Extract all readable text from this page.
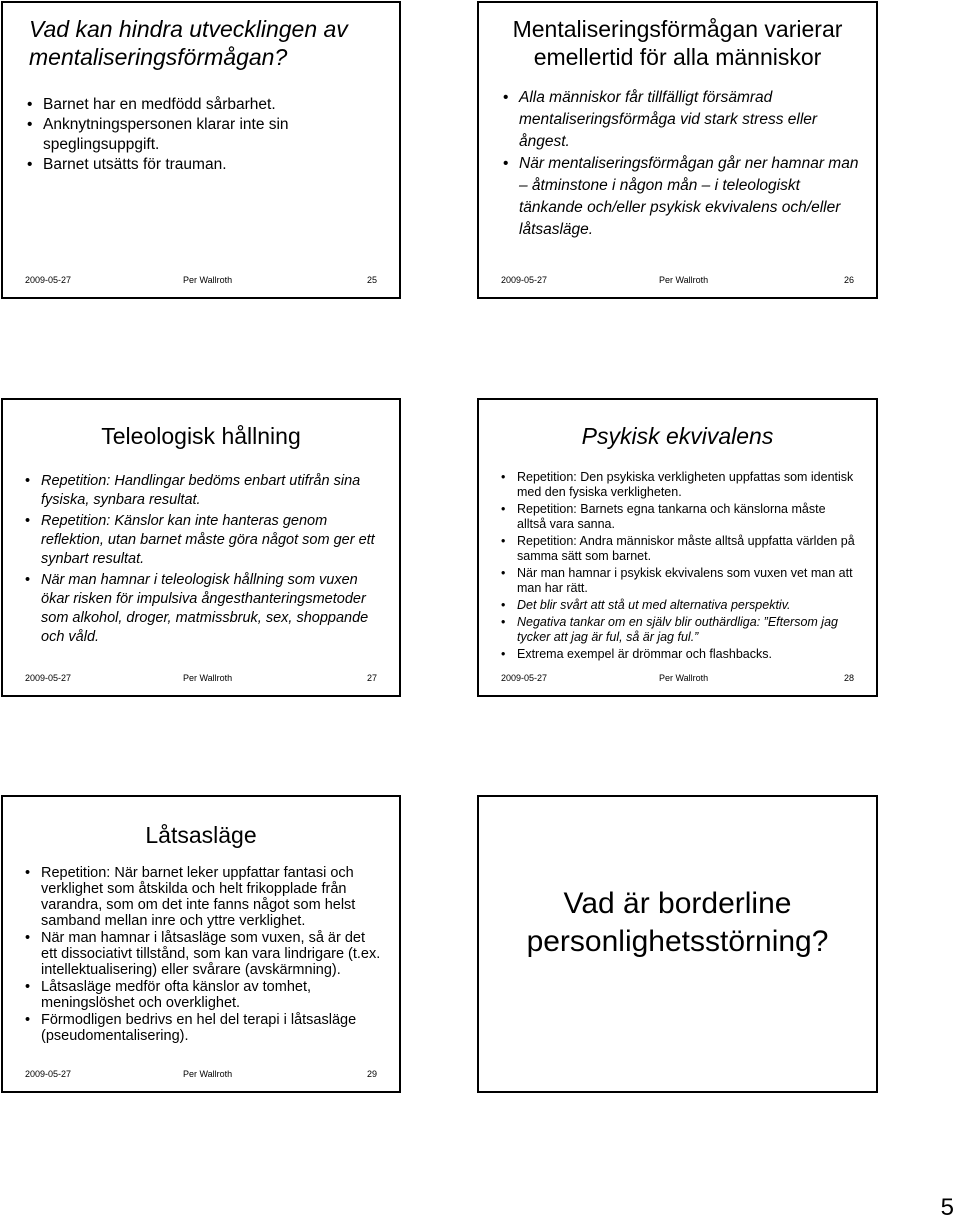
Vad kan hindra utvecklingen av mentaliseringsförmågan?
• Barnet har en medfödd sårbarhet.
• Anknytningspersonen klarar inte sin speglingsuppgift.
• Barnet utsätts för trauman.
2009-05-27	Per Wallroth	25
Mentaliseringsförmågan varierar emellertid för alla människor
• Alla människor får tillfälligt försämrad mentaliseringsförmåga vid stark stress eller ångest.
• När mentaliseringsförmågan går ner hamnar man – åtminstone i någon mån – i teleologiskt tänkande och/eller psykisk ekvivalens och/eller låtsasläge.
2009-05-27	Per Wallroth	26
Teleologisk hållning
• Repetition: Handlingar bedöms enbart utifrån sina fysiska, synbara resultat.
• Repetition: Känslor kan inte hanteras genom reflektion, utan barnet måste göra något som ger ett synbart resultat.
• När man hamnar i teleologisk hållning som vuxen ökar risken för impulsiva ångesthanteringsmetoder som alkohol, droger, matmissbruk, sex, shoppande och våld.
2009-05-27	Per Wallroth	27
Psykisk ekvivalens
• Repetition: Den psykiska verkligheten uppfattas som identisk med den fysiska verkligheten.
• Repetition: Barnets egna tankarna och känslorna måste alltså vara sanna.
• Repetition: Andra människor måste alltså uppfatta världen på samma sätt som barnet.
• När man hamnar i psykisk ekvivalens som vuxen vet man att man har rätt.
• Det blir svårt att stå ut med alternativa perspektiv.
• Negativa tankar om en själv blir outhärdliga: ”Eftersom jag tycker att jag är ful, så är jag ful.”
• Extrema exempel är drömmar och flashbacks.
2009-05-27	Per Wallroth	28
Låtsasläge
• Repetition: När barnet leker uppfattar fantasi och verklighet som åtskilda och helt frikopplade från varandra, som om det inte fanns något som helst samband mellan inre och yttre verklighet.
• När man hamnar i låtsasläge som vuxen, så är det ett dissociativt tillstånd, som kan vara lindrigare (t.ex. intellektualisering) eller svårare (avskärmning).
• Låtsasläge medför ofta känslor av tomhet, meningslöshet och overklighet.
• Förmodligen bedrivs en hel del terapi i låtsasläge (pseudomentalisering).
2009-05-27	Per Wallroth	29
Vad är borderline personlighetsstörning?
5
